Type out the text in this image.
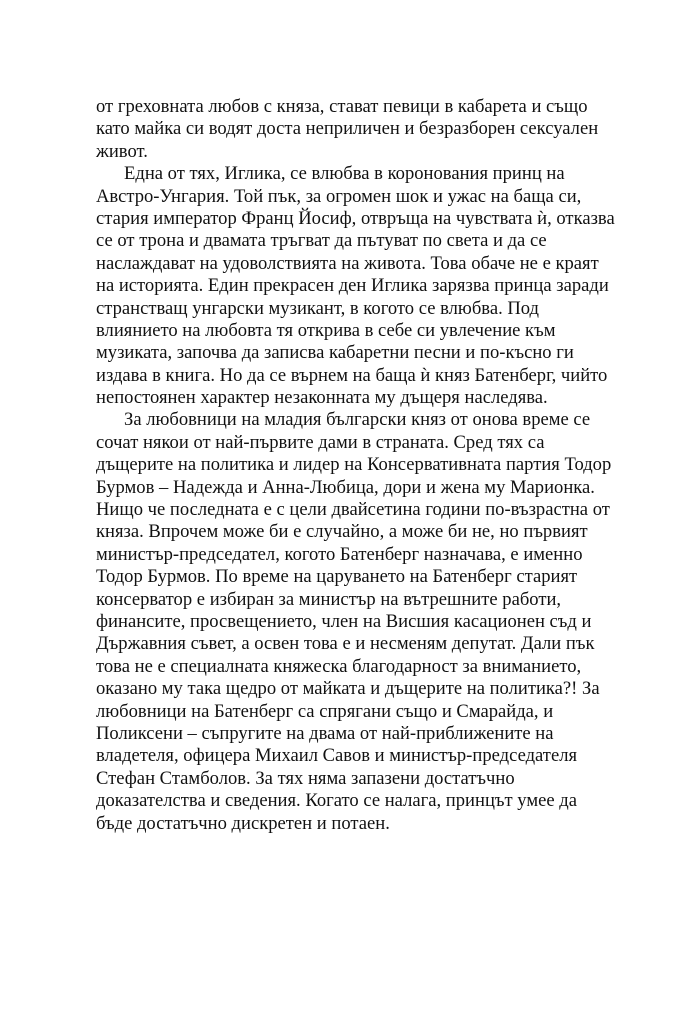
от греховната любов с княза, стават певици в кабарета и също
като майка си водят доста неприличен и безразборен сексуален
живот.
Една от тях, Иглика, се влюбва в коронования принц на
Австро-Унгария. Той пък, за огромен шок и ужас на баща си,
стария император Франц Йосиф, отвръща на чувствата ѝ, отказва
се от трона и двамата тръгват да пътуват по света и да се
наслаждават на удоволствията на живота. Това обаче не е краят
на историята. Един прекрасен ден Иглика зарязва принца заради
странстващ унгарски музикант, в когото се влюбва. Под
влиянието на любовта тя открива в себе си увлечение към
музиката, започва да записва кабаретни песни и по-късно ги
издава в книга. Но да се върнем на баща ѝ княз Батенберг, чийто
непостоянен характер незаконната му дъщеря наследява.
За любовници на младия български княз от онова време се
сочат някои от най-първите дами в страната. Сред тях са
дъщерите на политика и лидер на Консервативната партия Тодор
Бурмов – Надежда и Анна-Любица, дори и жена му Марионка.
Нищо че последната е с цели двайсетина години по-възрастна от
княза. Впрочем може би е случайно, а може би не, но първият
министър-председател, когото Батенберг назначава, е именно
Тодор Бурмов. По време на царуването на Батенберг старият
консерватор е избиран за министър на вътрешните работи,
финансите, просвещението, член на Висшия касационен съд и
Държавния съвет, а освен това е и несменям депутат. Дали пък
това не е специалната княжеска благодарност за вниманието,
оказано му така щедро от майката и дъщерите на политика?! За
любовници на Батенберг са спрягани също и Смарайда, и
Поликсени – съпругите на двама от най-приближените на
владетеля, офицера Михаил Савов и министър-председателя
Стефан Стамболов. За тях няма запазени достатъчно
доказателства и сведения. Когато се налага, принцът умее да
бъде достатъчно дискретен и потаен.
